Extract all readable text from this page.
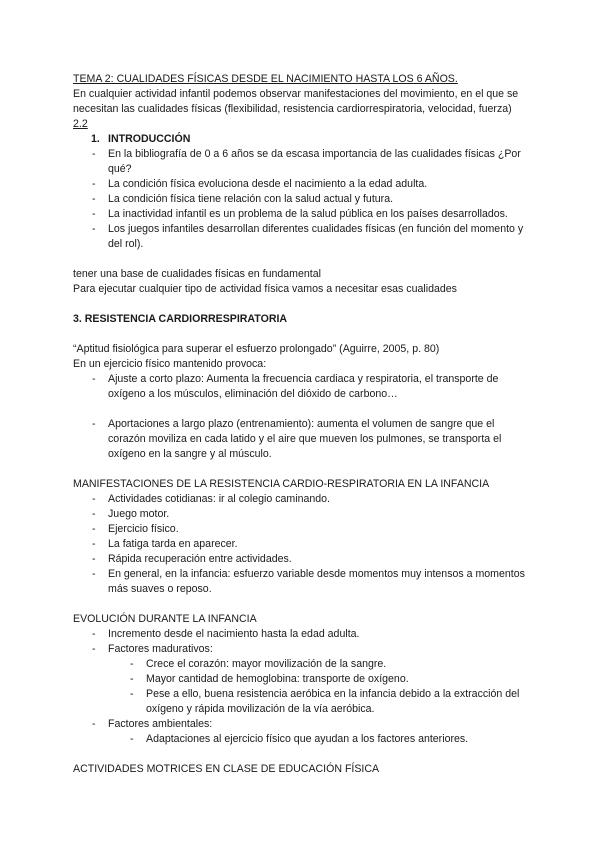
TEMA 2: CUALIDADES FÍSICAS DESDE EL NACIMIENTO HASTA LOS 6 AÑOS.

En cualquier actividad infantil podemos observar manifestaciones del movimiento, en el que se necesitan las cualidades físicas (flexibilidad, resistencia cardiorrespiratoria, velocidad, fuerza)

2.2

1. INTRODUCCIÓN
- En la bibliografía de 0 a 6 años se da escasa importancia de las cualidades físicas ¿Por qué?
- La condición física evoluciona desde el nacimiento a la edad adulta.
- La condición física tiene relación con la salud actual y futura.
- La inactividad infantil es un problema de la salud pública en los países desarrollados.
- Los juegos infantiles desarrollan diferentes cualidades físicas (en función del momento y del rol).

tener una base de cualidades físicas en fundamental

Para ejecutar cualquier tipo de actividad física vamos a necesitar esas cualidades

3. RESISTENCIA CARDIORRESPIRATORIA

“Aptitud fisiológica para superar el esfuerzo prolongado” (Aguirre, 2005, p. 80)

En un ejercicio físico mantenido provoca:

- Ajuste a corto plazo: Aumenta la frecuencia cardiaca y respiratoria, el transporte de oxígeno a los músculos, eliminación del dióxido de carbono…
- Aportaciones a largo plazo (entrenamiento): aumenta el volumen de sangre que el corazón moviliza en cada latido y el aire que mueven los pulmones, se transporta el oxígeno en la sangre y al músculo.

MANIFESTACIONES DE LA RESISTENCIA CARDIO-RESPIRATORIA EN LA INFANCIA

- Actividades cotidianas: ir al colegio caminando.
- Juego motor.
- Ejercicio físico.
- La fatiga tarda en aparecer.
- Rápida recuperación entre actividades.
- En general, en la infancia: esfuerzo variable desde momentos muy intensos a momentos más suaves o reposo.

EVOLUCIÓN DURANTE LA INFANCIA

- Incremento desde el nacimiento hasta la edad adulta.
- Factores madurativos:
- Crece el corazón: mayor movilización de la sangre.
- Mayor cantidad de hemoglobina: transporte de oxígeno.
- Pese a ello, buena resistencia aeróbica en la infancia debido a la extracción del oxígeno y rápida movilización de la vía aeróbica.
- Factores ambientales:
- Adaptaciones al ejercicio físico que ayudan a los factores anteriores.

ACTIVIDADES MOTRICES EN CLASE DE EDUCACIÓN FÍSICA
